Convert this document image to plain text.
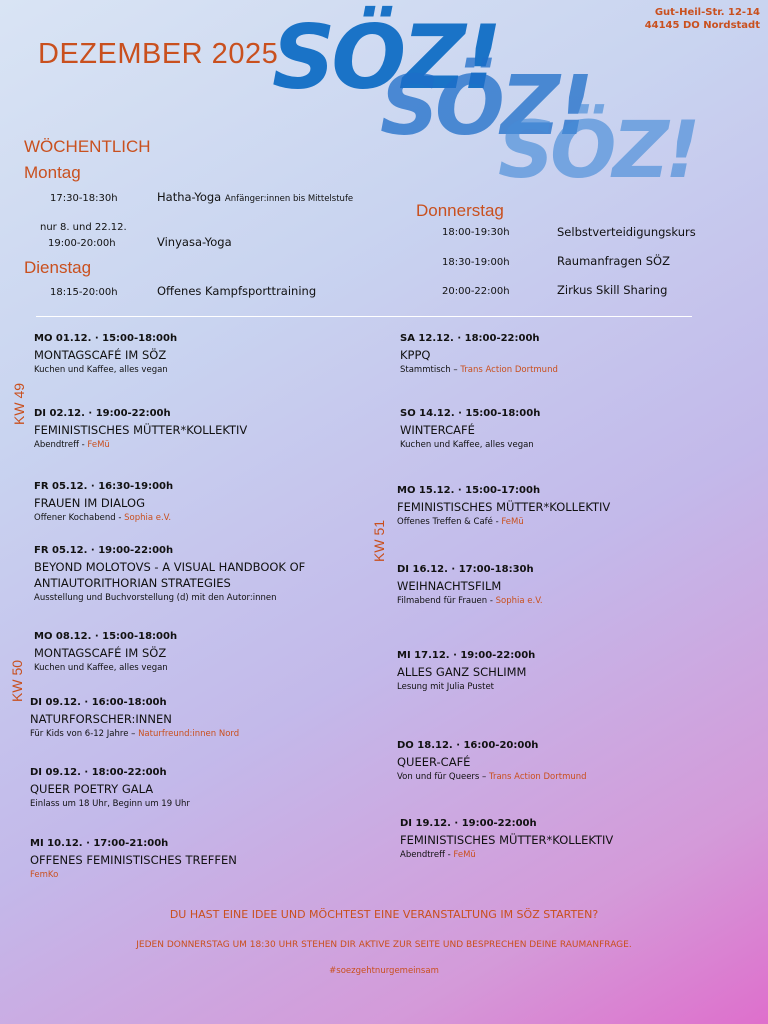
Gut-Heil-Str. 12-14
44145 DO Nordstadt
DEZEMBER 2025
SÖZ!
SÖZ!
SÖZ!
WÖCHENTLICH
Montag
17:30-18:30h	Hatha-Yoga Anfänger:innen bis Mittelstufe
nur 8. und 22.12.
19:00-20:00h	Vinyasa-Yoga
Dienstag
18:15-20:00h	Offenes Kampfsporttraining
Donnerstag
18:00-19:30h	Selbstverteidigungskurs
18:30-19:00h	Raumanfragen SÖZ
20:00-22:00h	Zirkus Skill Sharing
KW 49
KW 50
KW 51
MO 01.12. · 15:00-18:00h
MONTAGSCAFÉ IM SÖZ
Kuchen und Kaffee, alles vegan
DI 02.12. · 19:00-22:00h
FEMINISTISCHES MÜTTER*KOLLEKTIV
Abendtreff - FeMü
FR 05.12. · 16:30-19:00h
FRAUEN IM DIALOG
Offener Kochabend - Sophia e.V.
FR 05.12. · 19:00-22:00h
BEYOND MOLOTOVS - A VISUAL HANDBOOK OF ANTIAUTORITHORIAN STRATEGIES
Ausstellung und Buchvorstellung (d) mit den Autor:innen
MO 08.12. · 15:00-18:00h
MONTAGSCAFÉ IM SÖZ
Kuchen und Kaffee, alles vegan
DI 09.12. · 16:00-18:00h
NATURFORSCHER:INNEN
Für Kids von 6-12 Jahre – Naturfreund:innen Nord
DI 09.12. · 18:00-22:00h
QUEER POETRY GALA
Einlass um 18 Uhr, Beginn um 19 Uhr
MI 10.12. · 17:00-21:00h
OFFENES FEMINISTISCHES TREFFEN
FemKo
SA 12.12. · 18:00-22:00h
KPPQ
Stammtisch – Trans Action Dortmund
SO 14.12. · 15:00-18:00h
WINTERCAFÉ
Kuchen und Kaffee, alles vegan
MO 15.12. · 15:00-17:00h
FEMINISTISCHES MÜTTER*KOLLEKTIV
Offenes Treffen & Café - FeMü
DI 16.12. · 17:00-18:30h
WEIHNACHTSFILM
Filmabend für Frauen - Sophia e.V.
MI 17.12. · 19:00-22:00h
ALLES GANZ SCHLIMM
Lesung mit Julia Pustet
DO 18.12. · 16:00-20:00h
QUEER-CAFÉ
Von und für Queers – Trans Action Dortmund
DI 19.12. · 19:00-22:00h
FEMINISTISCHES MÜTTER*KOLLEKTIV
Abendtreff - FeMü
DU HAST EINE IDEE UND MÖCHTEST EINE VERANSTALTUNG IM SÖZ STARTEN?
JEDEN DONNERSTAG UM 18:30 UHR STEHEN DIR AKTIVE ZUR SEITE UND BESPRECHEN DEINE RAUMANFRAGE.
#soezgehtnurgemeinsam
